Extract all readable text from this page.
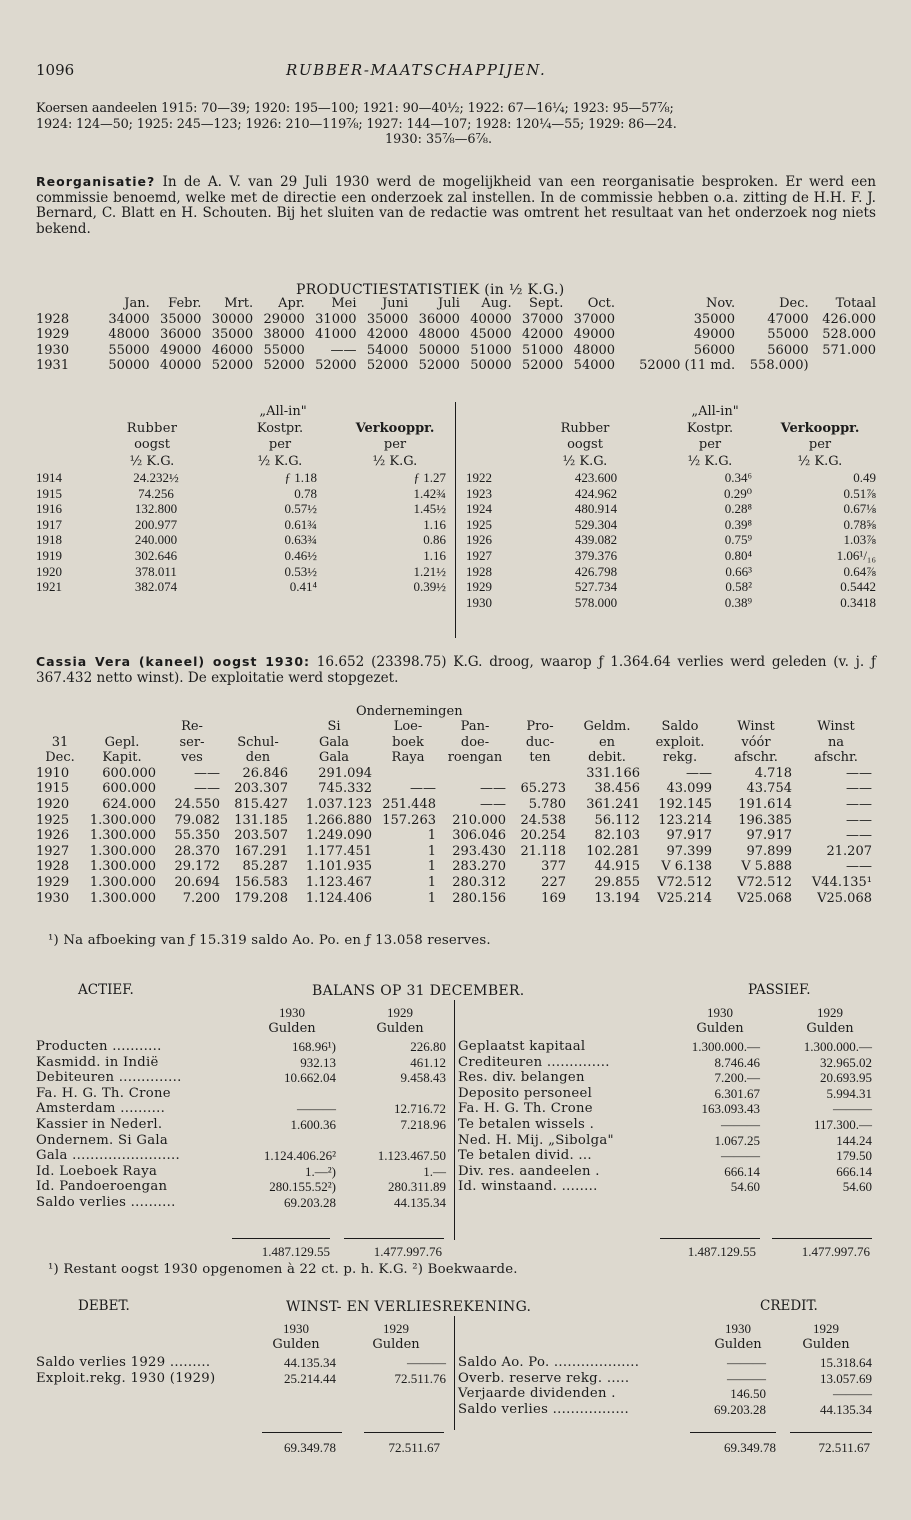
1096	RUBBER-MAATSCHAPPIJEN.
Koersen aandeelen 1915: 70—39; 1920: 195—100; 1921: 90—40½; 1922: 67—16¼; 1923: 95—57⅞;
1924: 124—50; 1925: 245—123; 1926: 210—119⅞; 1927: 144—107; 1928: 120¼—55; 1929: 86—24.
1930: 35⅞—6⅞.
Reorganisatie? In de A. V. van 29 Juli 1930 werd de mogelijkheid van een reorganisatie besproken. Er werd een commissie benoemd, welke met de directie een onderzoek zal instellen. In de commissie hebben o.a. zitting de H.H. F. J. Bernard, C. Blatt en H. Schouten. Bij het sluiten van de redactie was omtrent het resultaat van het onderzoek nog niets bekend.
PRODUCTIESTATISTIEK (in ½ K.G.)
	Jan.	Febr.	Mrt.	Apr.	Mei	Juni	Juli	Aug.	Sept.	Oct.	Nov.	Dec.	Totaal
1928	34000	35000	30000	29000	31000	35000	36000	40000	37000	37000	35000	47000	426.000
1929	48000	36000	35000	38000	41000	42000	48000	45000	42000	49000	49000	55000	528.000
1930	55000	49000	46000	55000	——	54000	50000	51000	51000	48000	56000	56000	571.000
1931	50000	40000	52000	52000	52000	52000	52000	50000	52000	54000	52000 (11 md.	558.000)	
„All-in"	„All-in"
Rubber	Kostpr.	Verkooppr.	Rubber	Kostpr.	Verkooppr.
oogst	per	per	oogst	per	per
½ K.G.	½ K.G.	½ K.G.	½ K.G.	½ K.G.	½ K.G.
1914	24.232½	ƒ 1.18	ƒ 1.27
1915	74.256	0.78	1.42¾
1916	132.800	0.57½	1.45½
1917	200.977	0.61¾	1.16
1918	240.000	0.63¾	0.86
1919	302.646	0.46½	1.16
1920	378.011	0.53½	1.21½
1921	382.074	0.41⁴	0.39½
1922	423.600	0.34⁶	0.49
1923	424.962	0.29⁰	0.51⅞
1924	480.914	0.28⁸	0.67⅛
1925	529.304	0.39⁸	0.78⅝
1926	439.082	0.75⁹	1.03⅞
1927	379.376	0.80⁴	1.06¹/₁₆
1928	426.798	0.66³	0.64⅞
1929	527.734	0.58²	0.5442
1930	578.000	0.38⁹	0.3418
Cassia Vera (kaneel) oogst 1930: 16.652 (23398.75) K.G. droog, waarop ƒ 1.364.64 verlies werd geleden (v. j. ƒ 367.432 netto winst). De exploitatie werd stopgezet.
Ondernemingen
		Re-		Si	Loe-	Pan-	Pro-	Geldm.	Saldo	Winst	Winst
31	Gepl.	ser-	Schul-	Gala	boek	doe-	duc-	en	exploit.	vóór	na
Dec.	Kapit.	ves	den	Gala	Raya	roengan	ten	debit.	rekg.	afschr.	afschr.
1910	600.000	——	26.846	291.094				331.166	——	4.718	——
1915	600.000	——	203.307	745.332	——	——	65.273	38.456	43.099	43.754	——
1920	624.000	24.550	815.427	1.037.123	251.448	——	5.780	361.241	192.145	191.614	——
1925	1.300.000	79.082	131.185	1.266.880	157.263	210.000	24.538	56.112	123.214	196.385	——
1926	1.300.000	55.350	203.507	1.249.090	1	306.046	20.254	82.103	97.917	97.917	——
1927	1.300.000	28.370	167.291	1.177.451	1	293.430	21.118	102.281	97.399	97.899	21.207
1928	1.300.000	29.172	85.287	1.101.935	1	283.270	377	44.915	V 6.138	V 5.888	——
1929	1.300.000	20.694	156.583	1.123.467	1	280.312	227	29.855	V72.512	V72.512	V44.135¹
1930	1.300.000	7.200	179.208	1.124.406	1	280.156	169	13.194	V25.214	V25.068	V25.068
¹) Na afboeking van ƒ 15.319 saldo Ao. Po. en ƒ 13.058 reserves.
ACTIEF.	BALANS OP 31 DECEMBER.	PASSIEF.
1930	1929	1930	1929
Gulden	Gulden	Gulden	Gulden
Producten ...........	168.96¹)	226.80
Kasmidd. in Indië	932.13	461.12
Debiteuren ..............	10.662.04	9.458.43
Fa. H. G. Th. Crone		
Amsterdam ..........	———	12.716.72
Kassier in Nederl.	1.600.36	7.218.96
Ondernem. Si Gala		
Gala ........................	1.124.406.26²	1.123.467.50
Id. Loeboek Raya	1.—²)	1.—
Id. Pandoeroengan	280.155.52²)	280.311.89
Saldo verlies ..........	69.203.28	44.135.34
Geplaatst kapitaal	1.300.000.—	1.300.000.—
Crediteuren ..............	8.746.46	32.965.02
Res. div. belangen	7.200.—	20.693.95
Deposito personeel	6.301.67	5.994.31
Fa. H. G. Th. Crone	163.093.43	———
Te betalen wissels .	———	117.300.—
Ned. H. Mij. „Sibolga"	1.067.25	144.24
Te betalen divid. ...	———	179.50
Div. res. aandeelen .	666.14	666.14
Id. winstaand. ........	54.60	54.60
1.487.129.55	1.477.997.76	1.487.129.55	1.477.997.76
¹) Restant oogst 1930 opgenomen à 22 ct. p. h. K.G. ²) Boekwaarde.
DEBET.	WINST- EN VERLIESREKENING.	CREDIT.
1930	1929	1930	1929
Gulden	Gulden	Gulden	Gulden
Saldo verlies 1929 .........	44.135.34	———
Exploit.rekg. 1930 (1929)	25.214.44	72.511.76
Saldo Ao. Po. ...................	———	15.318.64
Overb. reserve rekg. .....	———	13.057.69
Verjaarde dividenden .	146.50	———
Saldo verlies .................	69.203.28	44.135.34
69.349.78	72.511.67	69.349.78	72.511.67
